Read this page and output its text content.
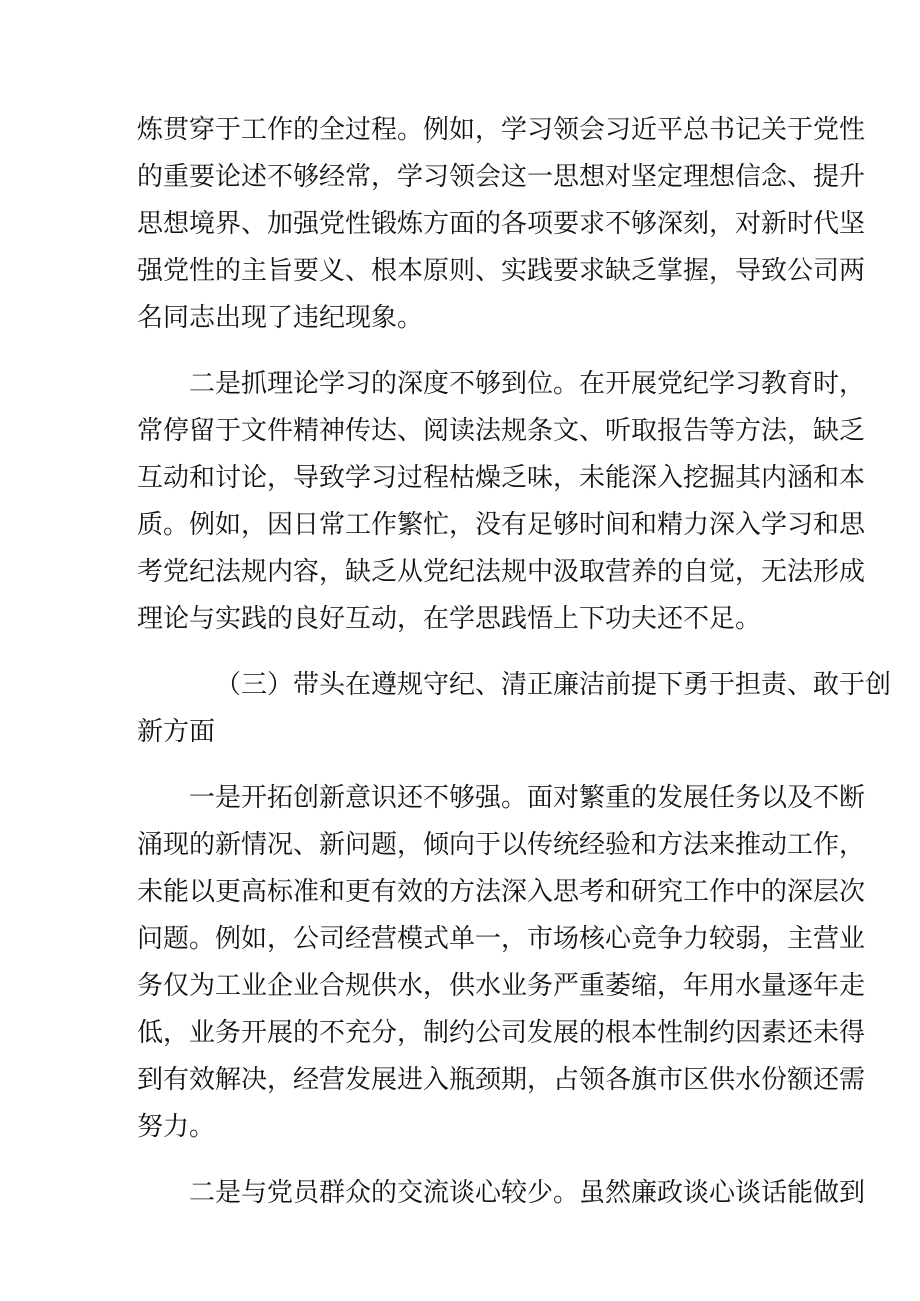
炼贯穿于工作的全过程。例如，学习领会习近平总书记关于党性
的重要论述不够经常，学习领会这一思想对坚定理想信念、提升
思想境界、加强党性锻炼方面的各项要求不够深刻，对新时代坚
强党性的主旨要义、根本原则、实践要求缺乏掌握，导致公司两
名同志出现了违纪现象。
二是抓理论学习的深度不够到位。在开展党纪学习教育时，
常停留于文件精神传达、阅读法规条文、听取报告等方法，缺乏
互动和讨论，导致学习过程枯燥乏味，未能深入挖掘其内涵和本
质。例如，因日常工作繁忙，没有足够时间和精力深入学习和思
考党纪法规内容，缺乏从党纪法规中汲取营养的自觉，无法形成
理论与实践的良好互动，在学思践悟上下功夫还不足。
（三）带头在遵规守纪、清正廉洁前提下勇于担责、敢于创
新方面
一是开拓创新意识还不够强。面对繁重的发展任务以及不断
涌现的新情况、新问题，倾向于以传统经验和方法来推动工作，
未能以更高标准和更有效的方法深入思考和研究工作中的深层次
问题。例如，公司经营模式单一，市场核心竞争力较弱，主营业
务仅为工业企业合规供水，供水业务严重萎缩，年用水量逐年走
低，业务开展的不充分，制约公司发展的根本性制约因素还未得
到有效解决，经营发展进入瓶颈期，占领各旗市区供水份额还需
努力。
二是与党员群众的交流谈心较少。虽然廉政谈心谈话能做到
